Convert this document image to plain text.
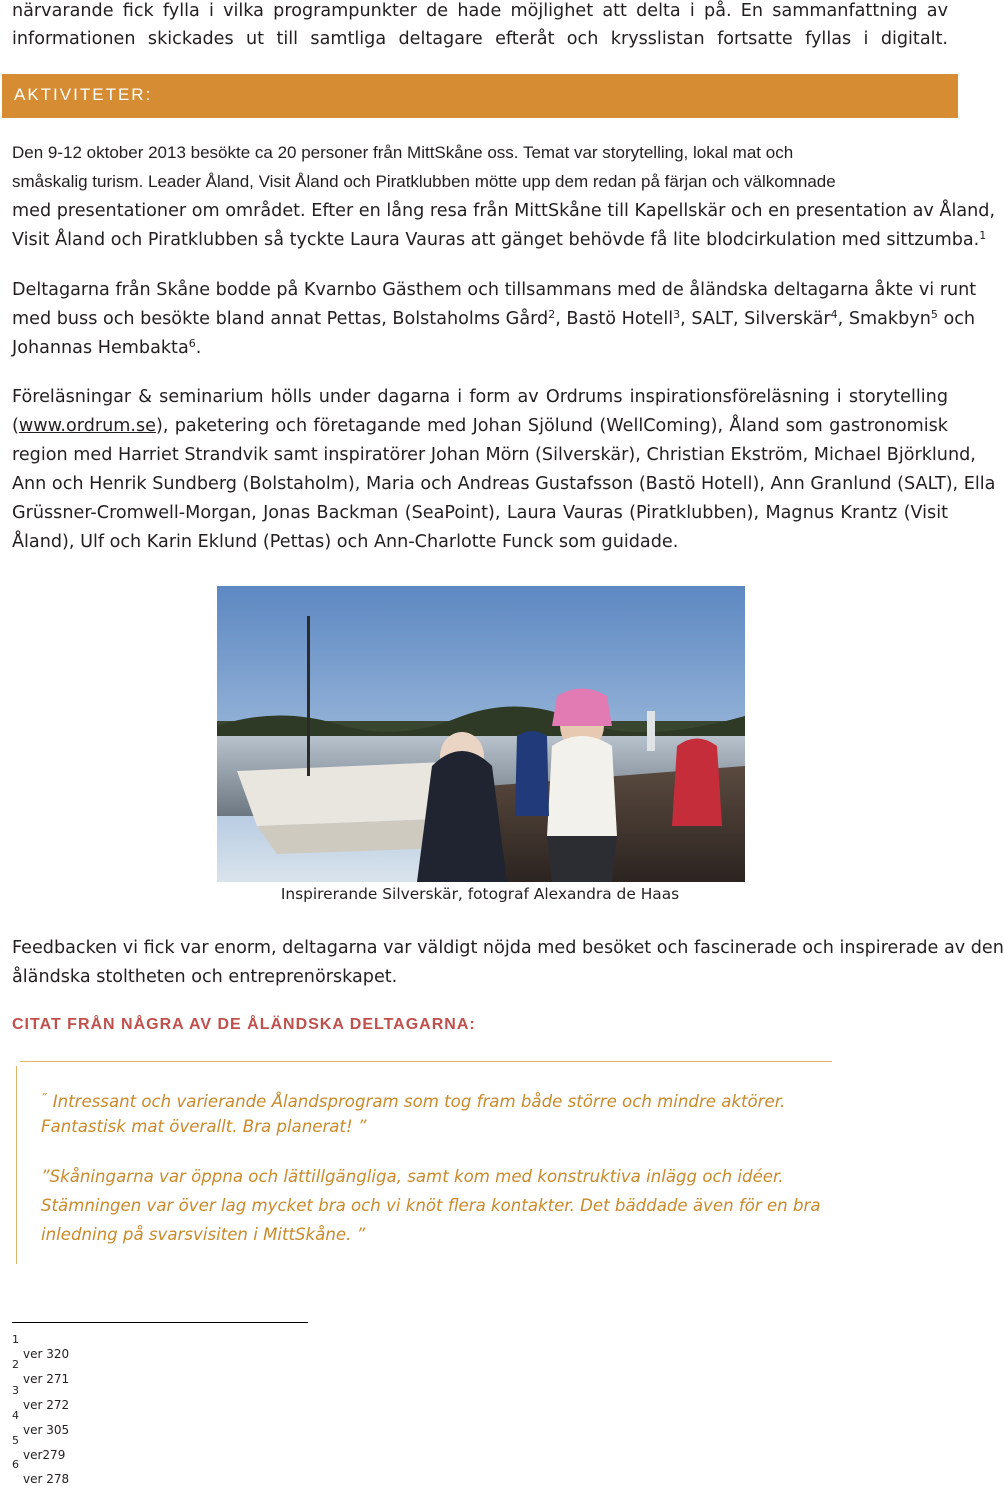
närvarande fick fylla i vilka programpunkter de hade möjlighet att delta i på. En sammanfattning av
informationen skickades ut till samtliga deltagare efteråt och krysslistan fortsatte fyllas i digitalt.
AKTIVITETER:
Den 9-12 oktober 2013 besökte ca 20 personer från MittSkåne oss. Temat var storytelling, lokal mat och
småskalig turism. Leader Åland, Visit Åland och Piratklubben mötte upp dem redan på färjan och välkomnade
med presentationer om området. Efter en lång resa från MittSkåne till Kapellskär och en presentation av Åland,
Visit Åland och Piratklubben så tyckte Laura Vauras att gänget behövde få lite blodcirkulation med sittzumba.$^1$
Deltagarna från Skåne bodde på Kvarnbo Gästhem och tillsammans med de åländska deltagarna åkte vi runt
med buss och besökte bland annat Pettas, Bolstaholms Gård$^2$, Bastö Hotell$^3$, SALT, Silverskär$^4$, Smakbyn$^5$ och
Johannas Hembakta$^6$.
Föreläsningar & seminarium hölls under dagarna i form av Ordrums inspirationsföreläsning i storytelling
(www.ordrum.se), paketering och företagande med Johan Sjölund (WellComing), Åland som gastronomisk
region med Harriet Strandvik samt inspiratörer Johan Mörn (Silverskär), Christian Ekström, Michael Björklund,
Ann och Henrik Sundberg (Bolstaholm), Maria och Andreas Gustafsson (Bastö Hotell), Ann Granlund (SALT), Ella
Grüssner-Cromwell-Morgan, Jonas Backman (SeaPoint), Laura Vauras (Piratklubben), Magnus Krantz (Visit
Åland), Ulf och Karin Eklund (Pettas) och Ann-Charlotte Funck som guidade.
Inspirerande Silverskär, fotograf Alexandra de Haas
Feedbacken vi fick var enorm, deltagarna var väldigt nöjda med besöket och fascinerade och inspirerade av den
åländska stoltheten och entreprenörskapet.
CITAT FRÅN NÅGRA AV DE ÅLÄNDSKA DELTAGARNA:
” Intressant och varierande Ålandsprogram som tog fram både större och mindre aktörer.
Fantastisk mat överallt. Bra planerat! ”
”Skåningarna var öppna och lättillgängliga, samt kom med konstruktiva inlägg och idéer.
Stämningen var över lag mycket bra och vi knöt flera kontakter. Det bäddade även för en bra
inledning på svarsvisiten i MittSkåne. ”
1
ver 320
2
ver 271
3
ver 272
4
ver 305
5
ver279
6
ver 278
